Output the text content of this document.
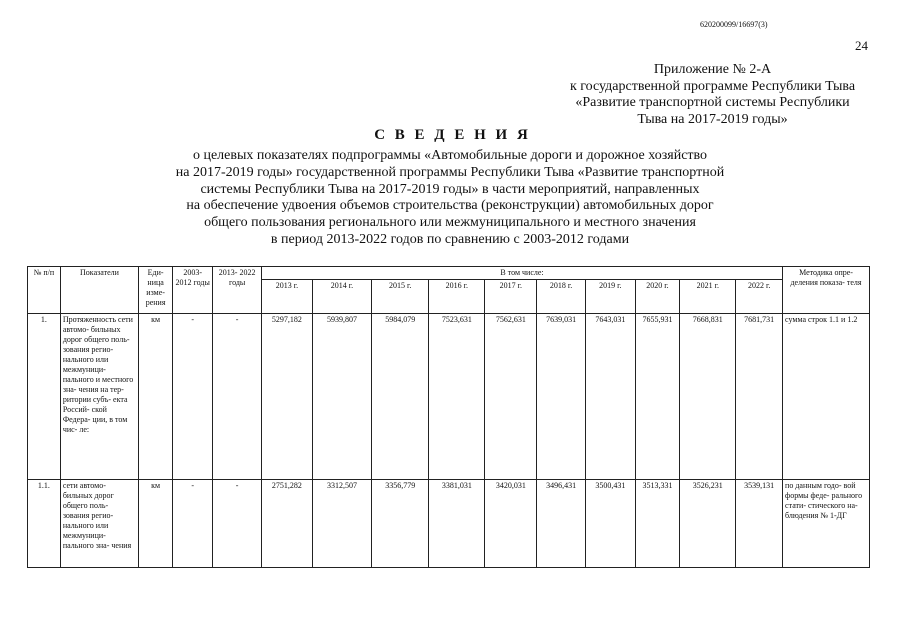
620200099/16697(3)
24
Приложение № 2-А
к государственной программе Республики Тыва
«Развитие транспортной системы Республики
Тыва на 2017-2019 годы»
С В Е Д Е Н И Я
о целевых показателях подпрограммы «Автомобильные дороги и дорожное хозяйство
на 2017-2019 годы» государственной программы Республики Тыва «Развитие транспортной
системы Республики Тыва на 2017-2019 годы» в части мероприятий, направленных
на обеспечение удвоения объемов строительства (реконструкции) автомобильных дорог
общего пользования регионального или межмуниципального и местного значения
в период 2013-2022 годов по сравнению с 2003-2012 годами
№ п/п	Показатели	Еди- ница изме- рения	2003- 2012 годы	2013- 2022 годы	В том числе:										Методика опре- деления показа- теля
					2013 г.	2014 г.	2015 г.	2016 г.	2017 г.	2018 г.	2019 г.	2020 г.	2021 г.	2022 г.	
1.	Протяженность сети автомо- бильных дорог общего поль- зования регио- нального или межмуници- пального и местного зна- чения на тер- ритории субъ- екта Россий- ской Федера- ции, в том чис- ле:	км	-	-	5297,182	5939,807	5984,079	7523,631	7562,631	7639,031	7643,031	7655,931	7668,831	7681,731	сумма строк 1.1 и 1.2
1.1.	сети автомо- бильных дорог общего поль- зования регио- нального или межмуници- пального зна- чения	км	-	-	2751,282	3312,507	3356,779	3381,031	3420,031	3496,431	3500,431	3513,331	3526,231	3539,131	по данным годо- вой формы феде- рального стати- стического на- блюдения № 1-ДГ
